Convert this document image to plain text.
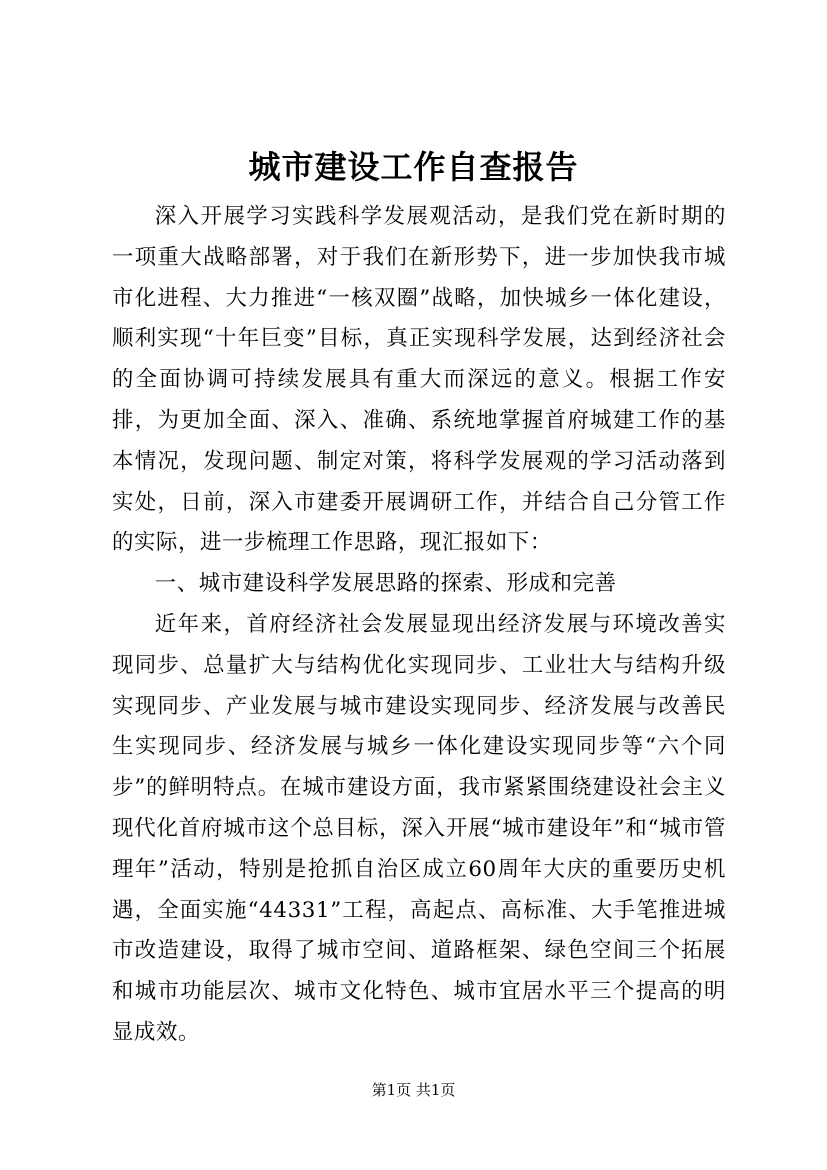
城市建设工作自查报告

深入开展学习实践科学发展观活动，是我们党在新时期的一项重大战略部署，对于我们在新形势下，进一步加快我市城市化进程、大力推进“一核双圈”战略，加快城乡一体化建设，顺利实现“十年巨变”目标，真正实现科学发展，达到经济社会的全面协调可持续发展具有重大而深远的意义。根据工作安排，为更加全面、深入、准确、系统地掌握首府城建工作的基本情况，发现问题、制定对策，将科学发展观的学习活动落到实处，日前，深入市建委开展调研工作，并结合自己分管工作的实际，进一步梳理工作思路，现汇报如下：

一、城市建设科学发展思路的探索、形成和完善

近年来，首府经济社会发展显现出经济发展与环境改善实现同步、总量扩大与结构优化实现同步、工业壮大与结构升级实现同步、产业发展与城市建设实现同步、经济发展与改善民生实现同步、经济发展与城乡一体化建设实现同步等“六个同步”的鲜明特点。在城市建设方面，我市紧紧围绕建设社会主义现代化首府城市这个总目标，深入开展“城市建设年”和“城市管理年”活动，特别是抢抓自治区成立60周年大庆的重要历史机遇，全面实施“44331”工程，高起点、高标准、大手笔推进城市改造建设，取得了城市空间、道路框架、绿色空间三个拓展和城市功能层次、城市文化特色、城市宜居水平三个提高的明显成效。

第1页 共1页
